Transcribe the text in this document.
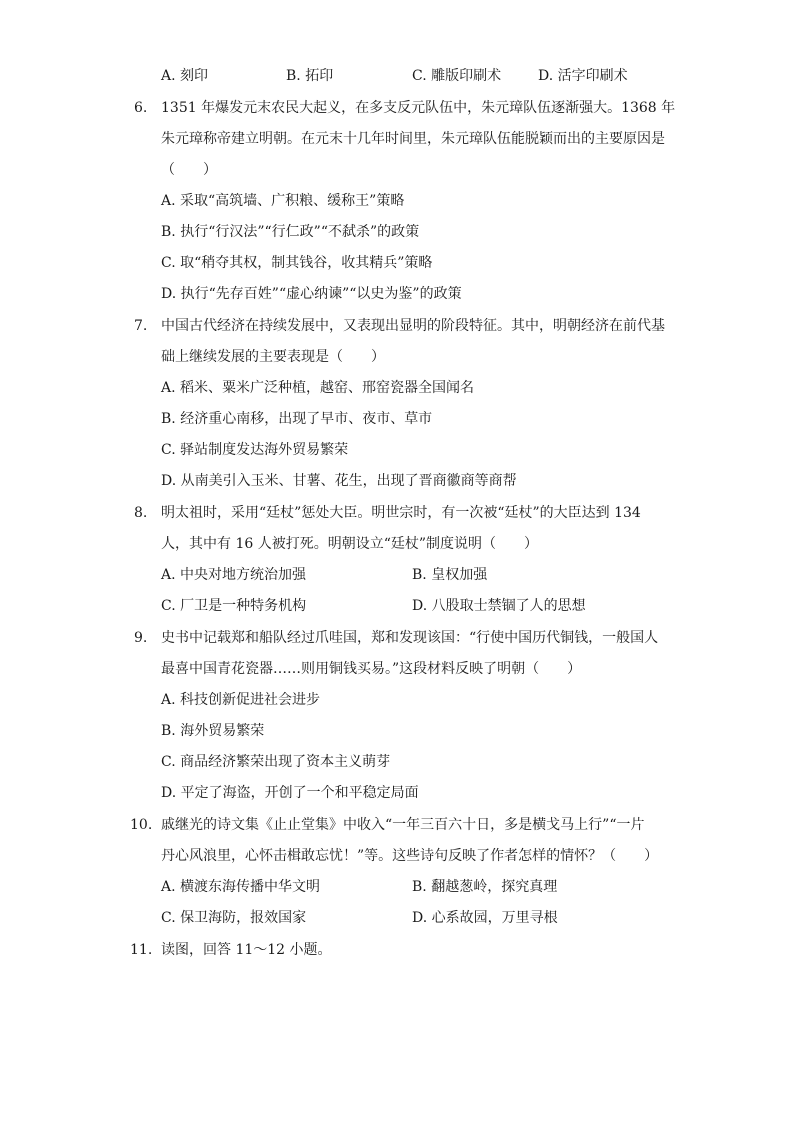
A. 刻印	B. 拓印	C. 雕版印刷术	D. 活字印刷术
6. 1351 年爆发元末农民大起义，在多支反元队伍中，朱元璋队伍逐渐强大。1368 年
朱元璋称帝建立明朝。在元末十几年时间里，朱元璋队伍能脱颖而出的主要原因是
（　　）
A. 采取“高筑墙、广积粮、缓称王”策略
B. 执行“行汉法”“行仁政”“不弑杀”的政策
C. 取“稍夺其权，制其钱谷，收其精兵”策略
D. 执行“先存百姓”“虚心纳谏”“以史为鉴”的政策
7. 中国古代经济在持续发展中，又表现出显明的阶段特征。其中，明朝经济在前代基
础上继续发展的主要表现是（　　）
A. 稻米、粟米广泛种植，越窑、邢窑瓷器全国闻名
B. 经济重心南移，出现了早市、夜市、草市
C. 驿站制度发达海外贸易繁荣
D. 从南美引入玉米、甘薯、花生，出现了晋商徽商等商帮
8. 明太祖时，采用“廷杖”惩处大臣。明世宗时，有一次被“廷杖”的大臣达到 134
人，其中有 16 人被打死。明朝设立“廷杖”制度说明（　　）
A. 中央对地方统治加强	B. 皇权加强
C. 厂卫是一种特务机构	D. 八股取士禁锢了人的思想
9. 史书中记载郑和船队经过爪哇国，郑和发现该国：“行使中国历代铜钱，一般国人
最喜中国青花瓷器……则用铜钱买易。”这段材料反映了明朝（　　）
A. 科技创新促进社会进步
B. 海外贸易繁荣
C. 商品经济繁荣出现了资本主义萌芽
D. 平定了海盗，开创了一个和平稳定局面
10. 戚继光的诗文集《止止堂集》中收入“一年三百六十日，多是横戈马上行”“一片
丹心风浪里，心怀击楫敢忘忧！”等。这些诗句反映了作者怎样的情怀？（　　）
A. 横渡东海传播中华文明	B. 翻越葱岭，探究真理
C. 保卫海防，报效国家	D. 心系故园，万里寻根
11. 读图，回答 11～12 小题。
